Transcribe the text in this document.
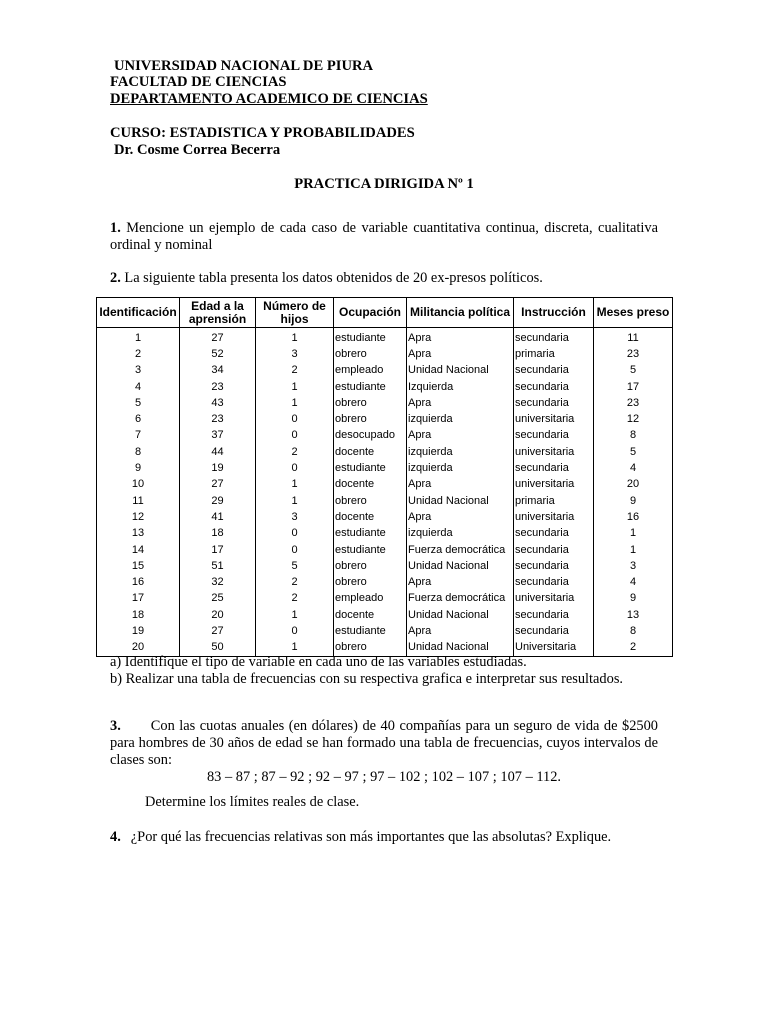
UNIVERSIDAD NACIONAL DE PIURA
FACULTAD DE CIENCIAS
DEPARTAMENTO ACADEMICO DE CIENCIAS
CURSO: ESTADISTICA Y PROBABILIDADES
Dr. Cosme Correa Becerra
PRACTICA DIRIGIDA Nº 1
1. Mencione un ejemplo de cada caso de variable cuantitativa continua, discreta, cualitativa ordinal y nominal
2. La siguiente tabla presenta los datos obtenidos de 20 ex-presos políticos.
Identificación	Edad a la aprensión	Número de hijos	Ocupación	Militancia política	Instrucción	Meses preso
1	27	1	estudiante	Apra	secundaria	11
2	52	3	obrero	Apra	primaria	23
3	34	2	empleado	Unidad Nacional	secundaria	5
4	23	1	estudiante	Izquierda	secundaria	17
5	43	1	obrero	Apra	secundaria	23
6	23	0	obrero	izquierda	universitaria	12
7	37	0	desocupado	Apra	secundaria	8
8	44	2	docente	izquierda	universitaria	5
9	19	0	estudiante	izquierda	secundaria	4
10	27	1	docente	Apra	universitaria	20
11	29	1	obrero	Unidad Nacional	primaria	9
12	41	3	docente	Apra	universitaria	16
13	18	0	estudiante	izquierda	secundaria	1
14	17	0	estudiante	Fuerza democrática	secundaria	1
15	51	5	obrero	Unidad Nacional	secundaria	3
16	32	2	obrero	Apra	secundaria	4
17	25	2	empleado	Fuerza democrática	universitaria	9
18	20	1	docente	Unidad Nacional	secundaria	13
19	27	0	estudiante	Apra	secundaria	8
20	50	1	obrero	Unidad Nacional	Universitaria	2
a) Identifique el tipo de variable en cada uno de las variables estudiadas.
b) Realizar una tabla de frecuencias con su respectiva grafica e interpretar sus resultados.
3. Con las cuotas anuales (en dólares) de 40 compañías para un seguro de vida de $2500 para hombres de 30 años de edad se han formado una tabla de frecuencias, cuyos intervalos de clases son:
83 – 87 ; 87 – 92 ; 92 – 97 ; 97 – 102 ; 102 – 107 ; 107 – 112.
Determine los límites reales de clase.
4. ¿Por qué las frecuencias relativas son más importantes que las absolutas? Explique.
